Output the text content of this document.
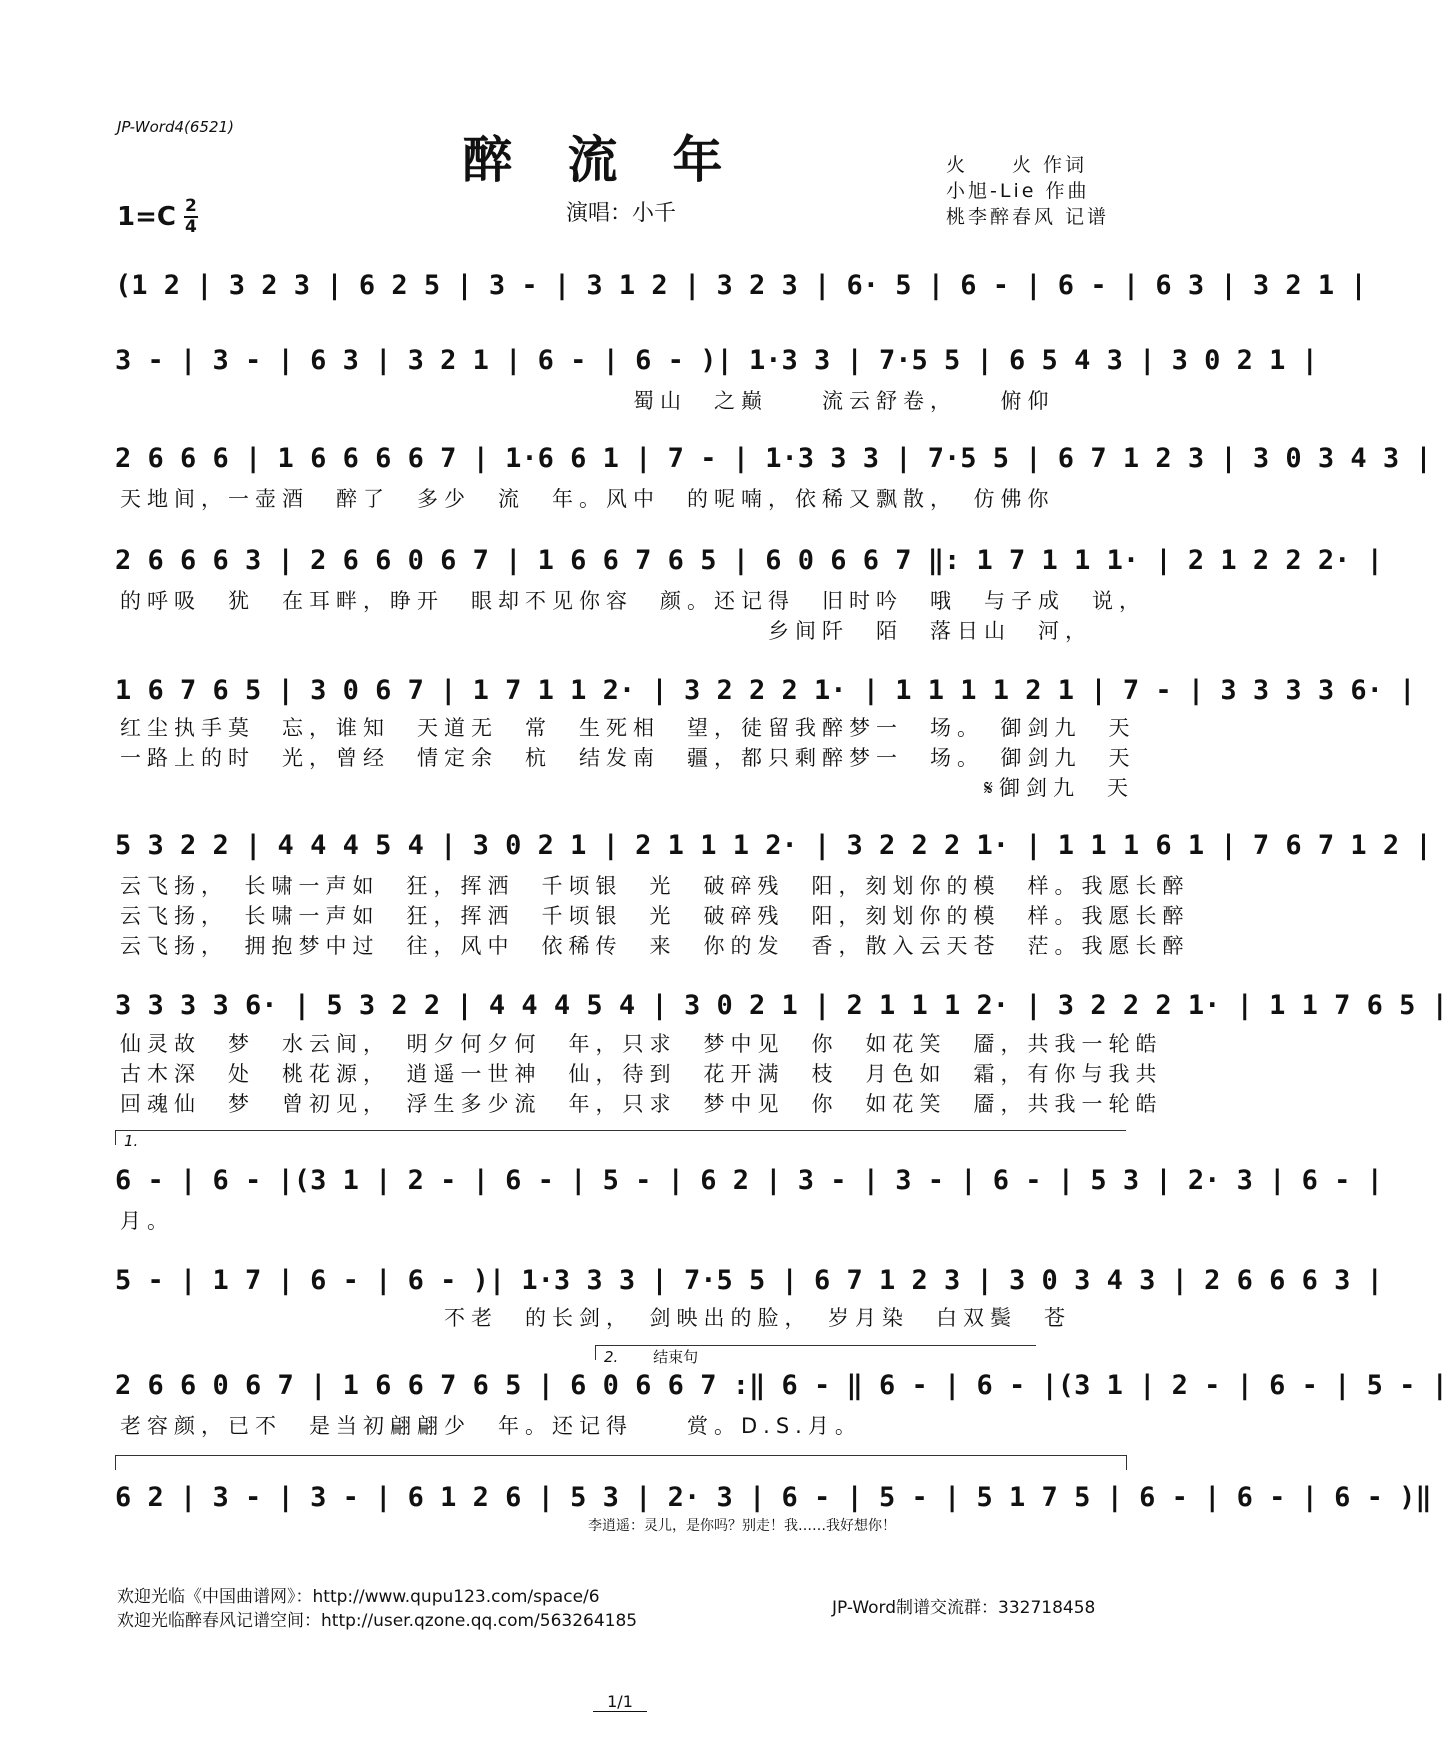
JP-Word4(6521)
醉流年
$1=C \frac{2}{4}$	演唱：小千
火　　火 作词
小旭-Lie 作曲
桃李醉春风 记谱
(1 2 | 3 2 3 | 6 2 5 | 3 - | 3 1 2 | 3 2 3 | 6· 5 | 6 - | 6 - | 6 3 | 3 2 1 |
3 - | 3 - | 6 3 | 3 2 1 | 6 - | 6 - )| 1·3 3 | 7·5 5 | 6 5 4 3 | 3 0 2 1 |
　　　　　　　　　　　　　　　　　　　蜀山　之巅　　流云舒卷，　　俯仰
2 6 6 6 | 1 6 6 6 6 7 | 1·6 6 1 | 7 - | 1·3 3 3 | 7·5 5 | 6 7 1 2 3 | 3 0 3 4 3 |
天地间，一壶酒　醉了　多少　流　年。风中　的呢喃，依稀又飘散，　仿佛你
2 6 6 6 3 | 2 6 6 0 6 7 | 1 6 6 7 6 5 | 6 0 6 6 7 ‖: 1 7 1 1 1· | 2 1 2 2 2· |
的呼吸　犹　在耳畔，睁开　眼却不见你容　颜。还记得　旧时吟　哦　与子成　说，
　　　　　　　　　　　　　　　　　　　　　　　　乡间阡　陌　落日山　河，
1 6 7 6 5 | 3 0 6 7 | 1 7 1 1 2· | 3 2 2 2 1· | 1 1 1 1 2 1 | 7 - | 3 3 3 3 6· |
红尘执手莫　忘，谁知　天道无　常　生死相　望，徒留我醉梦一　场。　御剑九　天
一路上的时　光，曾经　情定余　杭　结发南　疆，都只剩醉梦一　场。　御剑九　天
　　　　　　　　　　　　　　　　　　　　　　　　　　　　　　　　𝄋御剑九　天
5 3 2 2 | 4 4 4 5 4 | 3 0 2 1 | 2 1 1 1 2· | 3 2 2 2 1· | 1 1 1 6 1 | 7 6 7 1 2 |
云飞扬，　长啸一声如　狂，挥洒　千顷银　光　破碎残　阳，刻划你的模　样。我愿长醉
云飞扬，　长啸一声如　狂，挥洒　千顷银　光　破碎残　阳，刻划你的模　样。我愿长醉
云飞扬，　拥抱梦中过　往，风中　依稀传　来　你的发　香，散入云天苍　茫。我愿长醉
3 3 3 3 6· | 5 3 2 2 | 4 4 4 5 4 | 3 0 2 1 | 2 1 1 1 2· | 3 2 2 2 1· | 1 1 7 6 5 |
仙灵故　梦　水云间，　明夕何夕何　年，只求　梦中见　你　如花笑　靥，共我一轮皓
古木深　处　桃花源，　逍遥一世神　仙，待到　花开满　枝　月色如　霜，有你与我共
回魂仙　梦　曾初见，　浮生多少流　年，只求　梦中见　你　如花笑　靥，共我一轮皓
1.
6 - | 6 - |(3 1 | 2 - | 6 - | 5 - | 6 2 | 3 - | 3 - | 6 - | 5 3 | 2· 3 | 6 - |
月。
5 - | 1 7 | 6 - | 6 - )| 1·3 3 3 | 7·5 5 | 6 7 1 2 3 | 3 0 3 4 3 | 2 6 6 6 3 |
　　　　　　　　　　　　不老　的长剑，　剑映出的脸，　岁月染　白双鬓　苍
2. 结束句
2 6 6 0 6 7 | 1 6 6 7 6 5 | 6 0 6 6 7 :‖ 6 - ‖ 6 - | 6 - |(3 1 | 2 - | 6 - | 5 - |
老容颜，已不　是当初翩翩少　年。还记得　　赏。D.S.月。
6 2 | 3 - | 3 - | 6 1 2 6 | 5 3 | 2· 3 | 6 - | 5 - | 5 1 7 5 | 6 - | 6 - | 6 - )‖
李逍遥：灵儿，是你吗？别走！我……我好想你！
欢迎光临《中国曲谱网》：http://www.qupu123.com/space/6
欢迎光临醉春风记谱空间：http://user.qzone.qq.com/563264185
JP-Word制谱交流群：332718458
1/1
